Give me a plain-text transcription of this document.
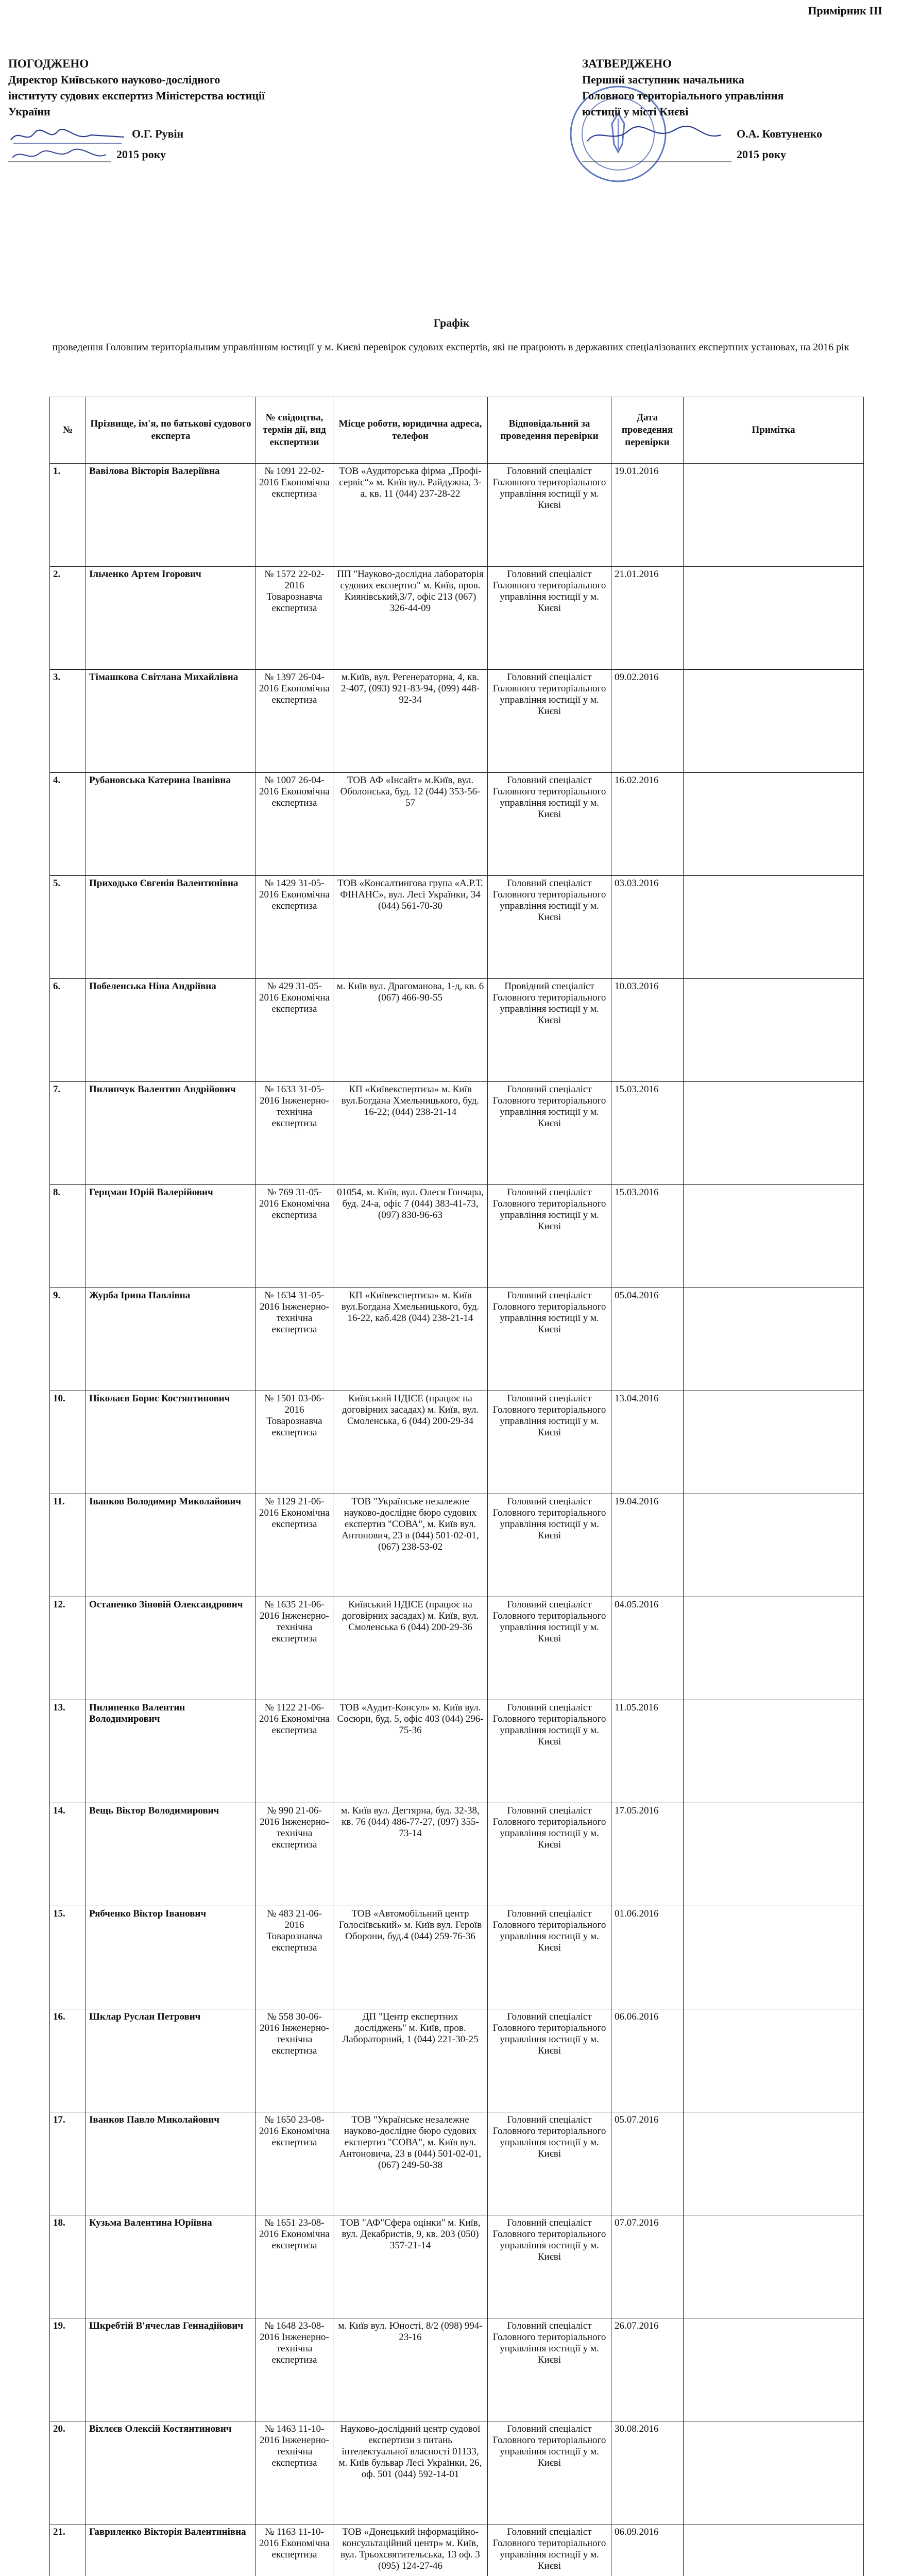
Примірник ІІІ
ПОГОДЖЕНО
Директор Київського науково-дослідного
інституту судових експертиз Міністерства юстиції
України
О.Г. Рувін
2015 року
ЗАТВЕРДЖЕНО
Перший заступник начальника
Головного територіального управління
юстиції у місті Києві
О.А. Ковтуненко
2015 року
Графік
проведення Головним територіальним управлінням юстиції у м. Києві перевірок судових експертів, які не працюють в державних спеціалізованих експертних установах, на 2016 рік
№	Прізвище, ім'я, по батькові судового експерта	№ свідоцтва, термін дії, вид експертизи	Місце роботи, юридична адреса, телефон	Відповідальний за проведення перевірки	Дата проведення перевірки	Примітка
1.	Вавілова Вікторія Валеріївна	№ 1091 22-02-2016 Економічна експертиза	ТОВ «Аудиторська фірма „Профі-сервіс“» м. Київ вул. Райдужна, 3-а, кв. 11 (044) 237-28-22	Головний спеціаліст Головного територіального управління юстиції у м. Києві	19.01.2016	
2.	Ільченко Артем Ігорович	№ 1572 22-02-2016 Товарознавча експертиза	ПП "Науково-дослідна лабораторія судових експертиз" м. Київ, пров. Киянівський,3/7, офіс 213 (067) 326-44-09	Головний спеціаліст Головного територіального управління юстиції у м. Києві	21.01.2016	
3.	Тімашкова Світлана Михайлівна	№ 1397 26-04-2016 Економічна експертиза	м.Київ, вул. Регенераторна, 4, кв. 2-407, (093) 921-83-94, (099) 448-92-34	Головний спеціаліст Головного територіального управління юстиції у м. Києві	09.02.2016	
4.	Рубановська Катерина Іванівна	№ 1007 26-04-2016 Економічна експертиза	ТОВ АФ «Інсайт» м.Київ, вул. Оболонська, буд. 12 (044) 353-56-57	Головний спеціаліст Головного територіального управління юстиції у м. Києві	16.02.2016	
5.	Приходько Євгенія Валентинівна	№ 1429 31-05-2016 Економічна експертиза	ТОВ «Консалтингова група «А.Р.Т. ФІНАНС», вул. Лесі Українки, 34 (044) 561-70-30	Головний спеціаліст Головного територіального управління юстиції у м. Києві	03.03.2016	
6.	Побеленська Ніна Андріївна	№ 429 31-05-2016 Економічна експертиза	м. Київ вул. Драгоманова, 1-д, кв. 6 (067) 466-90-55	Провідний спеціаліст Головного територіального управління юстиції у м. Києві	10.03.2016	
7.	Пилипчук Валентин Андрійович	№ 1633 31-05-2016 Інженерно-технічна експертиза	КП «Київекспертиза» м. Київ вул.Богдана Хмельницького, буд. 16-22; (044) 238-21-14	Головний спеціаліст Головного територіального управління юстиції у м. Києві	15.03.2016	
8.	Герцман Юрій Валерійович	№ 769 31-05-2016 Економічна експертиза	01054, м. Київ, вул. Олеся Гончара, буд. 24-а, офіс 7 (044) 383-41-73, (097) 830-96-63	Головний спеціаліст Головного територіального управління юстиції у м. Києві	15.03.2016	
9.	Журба Ірина Павлівна	№ 1634 31-05-2016 Інженерно-технічна експертиза	КП «Київекспертиза» м. Київ вул.Богдана Хмельницького, буд. 16-22, каб.428 (044) 238-21-14	Головний спеціаліст Головного територіального управління юстиції у м. Києві	05.04.2016	
10.	Ніколаєв Борис Костянтинович	№ 1501 03-06-2016 Товарознавча експертиза	Київський НДІСЕ (працює на договірних засадах) м. Київ, вул. Смоленська, 6 (044) 200-29-34	Головний спеціаліст Головного територіального управління юстиції у м. Києві	13.04.2016	
11.	Іванков Володимир Миколайович	№ 1129 21-06-2016 Економічна експертиза	ТОВ "Українське незалежне науково-дослідне бюро судових експертиз "СОВА", м. Київ вул. Антонович, 23 в (044) 501-02-01, (067) 238-53-02	Головний спеціаліст Головного територіального управління юстиції у м. Києві	19.04.2016	
12.	Остапенко Зіновій Олександрович	№ 1635 21-06-2016 Інженерно-технічна експертиза	Київський НДІСЕ (працює на договірних засадах) м. Київ, вул. Смоленська 6 (044) 200-29-36	Головний спеціаліст Головного територіального управління юстиції у м. Києві	04.05.2016	
13.	Пилипенко Валентин Володимирович	№ 1122 21-06-2016 Економічна експертиза	ТОВ «Аудит-Консул» м. Київ вул. Сосюри, буд. 5, офіс 403 (044) 296-75-36	Головний спеціаліст Головного територіального управління юстиції у м. Києві	11.05.2016	
14.	Вещь Віктор Володимирович	№ 990 21-06-2016 Інженерно-технічна експертиза	м. Київ вул. Дегтярна, буд. 32-38, кв. 76 (044) 486-77-27, (097) 355-73-14	Головний спеціаліст Головного територіального управління юстиції у м. Києві	17.05.2016	
15.	Рябченко Віктор Іванович	№ 483 21-06-2016 Товарознавча експертиза	ТОВ «Автомобільний центр Голосіївський» м. Київ вул. Героїв Оборони, буд.4 (044) 259-76-36	Головний спеціаліст Головного територіального управління юстиції у м. Києві	01.06.2016	
16.	Шклар Руслан Петрович	№ 558 30-06-2016 Інженерно-технічна експертиза	ДП "Центр експертних досліджень" м. Київ, пров. Лабораторний, 1 (044) 221-30-25	Головний спеціаліст Головного територіального управління юстиції у м. Києві	06.06.2016	
17.	Іванков Павло Миколайович	№ 1650 23-08-2016 Економічна експертиза	ТОВ "Українське незалежне науково-дослідне бюро судових експертиз "СОВА", м. Київ вул. Антоновича, 23 в (044) 501-02-01, (067) 249-50-38	Головний спеціаліст Головного територіального управління юстиції у м. Києві	05.07.2016	
18.	Кузьма Валентина Юріївна	№ 1651 23-08-2016 Економічна експертиза	ТОВ "АФ"Сфера оцінки" м. Київ, вул. Декабристів, 9, кв. 203 (050) 357-21-14	Головний спеціаліст Головного територіального управління юстиції у м. Києві	07.07.2016	
19.	Шкребтій В'ячеслав Геннадійович	№ 1648 23-08-2016 Інженерно-технічна експертиза	м. Київ вул. Юності, 8/2 (098) 994-23-16	Головний спеціаліст Головного територіального управління юстиції у м. Києві	26.07.2016	
20.	Віхлєєв Олексій Костянтинович	№ 1463 11-10-2016 Інженерно-технічна експертиза	Науково-дослідний центр судової експертизи з питань інтелектуальної власності 01133, м. Київ бульвар Лесі Українки, 26, оф. 501 (044) 592-14-01	Головний спеціаліст Головного територіального управління юстиції у м. Києві	30.08.2016	
21.	Гавриленко Вікторія Валентинівна	№ 1163 11-10-2016 Економічна експертиза	ТОВ «Донецький інформаційно-консультаційний центр» м. Київ, вул. Трьохсвятительська, 13 оф. 3 (095) 124-27-46	Головний спеціаліст Головного територіального управління юстиції у м. Києві	06.09.2016	
